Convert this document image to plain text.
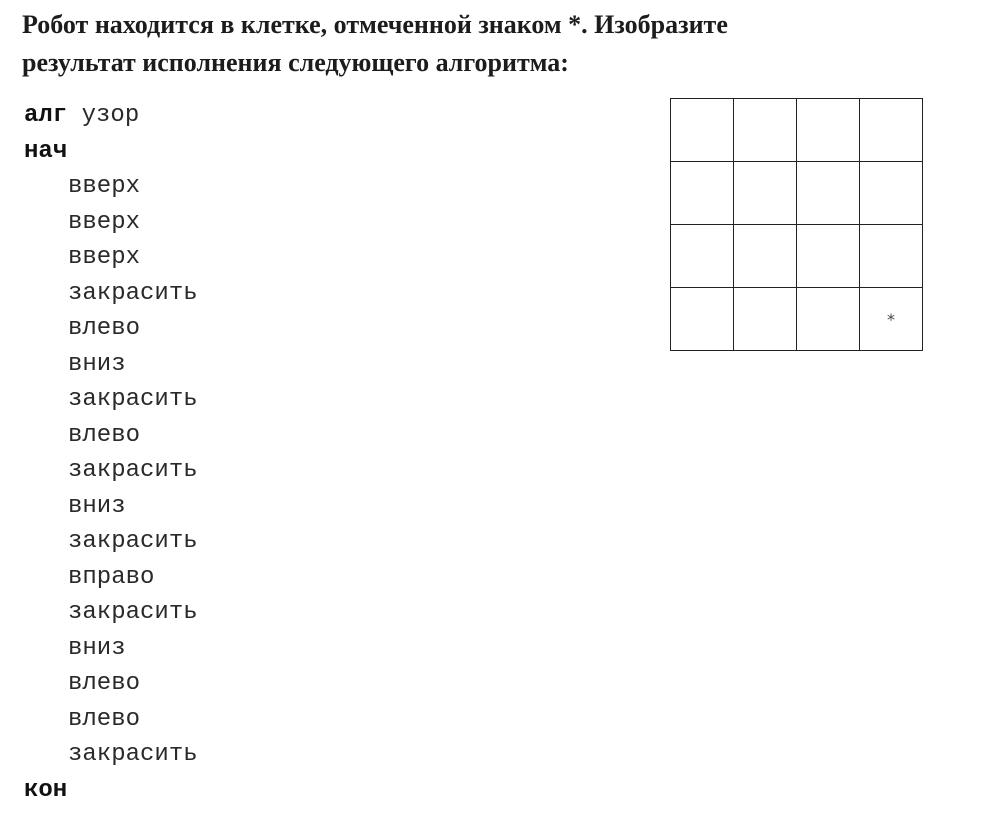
Робот находится в клетке, отмеченной знаком *. Изобразите
результат исполнения следующего алгоритма:
алг узор
нач
вверх
вверх
вверх
закрасить
влево
вниз
закрасить
влево
закрасить
вниз
закрасить
вправо
закрасить
вниз
влево
влево
закрасить
кон
*
